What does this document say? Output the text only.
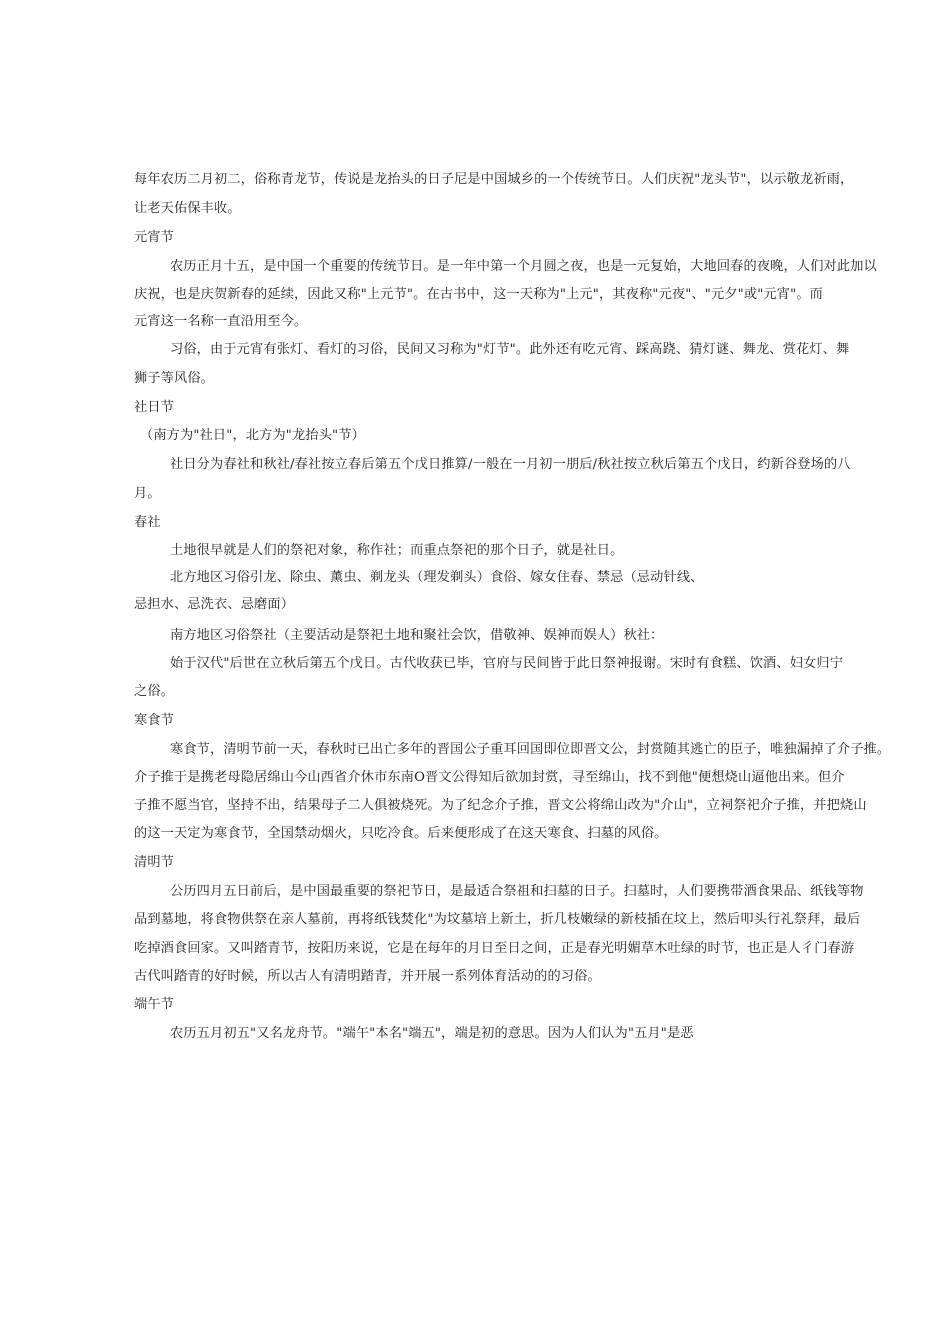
每年农历二月初二，俗称青龙节，传说是龙抬头的日子尼是中国城乡的一个传统节日。人们庆祝"龙头节"，以示敬龙祈雨，
让老天佑保丰收。
元宵节
农历正月十五，是中国一个重要的传统节日。是一年中第一个月圆之夜，也是一元复始，大地回春的夜晚，人们对此加以
庆祝，也是庆贺新春的延续，因此又称"上元节"。在古书中，这一天称为"上元"，其夜称"元夜"、"元夕"或"元宵"。而
元宵这一名称一直沿用至今。
习俗，由于元宵有张灯、看灯的习俗，民间又习称为"灯节"。此外还有吃元宵、踩高跷、猜灯谜、舞龙、赏花灯、舞
狮子等风俗。
社日节
（南方为"社日"，北方为"龙抬头"节）
社日分为春社和秋社/春社按立春后第五个戊日推算/一般在一月初一朋后/秋社按立秋后第五个戊日，约新谷登场的八
月。
春社
土地很早就是人们的祭祀对象，称作社；而重点祭祀的那个日子，就是社日。
北方地区习俗引龙、除虫、薰虫、剃龙头（理发剃头）食俗、嫁女住春、禁忌（忌动针线、
忌担水、忌洗衣、忌磨面）
南方地区习俗祭社（主要活动是祭祀土地和聚社会饮，借敬神、娱神而娱人）秋社：
始于汉代"后世在立秋后第五个戊日。古代收获已毕，官府与民间皆于此日祭神报谢。宋时有食糕、饮酒、妇女归宁
之俗。
寒食节
寒食节，清明节前一天，春秋时已出亡多年的晋国公子重耳回国即位即晋文公，封赏随其逃亡的臣子，唯独漏掉了介子推。
介子推于是携老母隐居绵山今山西省介休市东南O晋文公得知后欲加封赏，寻至绵山，找不到他"便想烧山逼他出来。但介
子推不愿当官，坚持不出，结果母子二人俱被烧死。为了纪念介子推，晋文公将绵山改为"介山"，立祠祭祀介子推，并把烧山
的这一天定为寒食节，全国禁动烟火，只吃冷食。后来便形成了在这天寒食、扫墓的风俗。
清明节
公历四月五日前后，是中国最重要的祭祀节日，是最适合祭祖和扫墓的日子。扫墓时，人们要携带酒食果品、纸钱等物
品到墓地，将食物供祭在亲人墓前，再将纸钱焚化"为坟墓培上新土，折几枝嫩绿的新枝插在坟上，然后叩头行礼祭拜，最后
吃掉酒食回家。又叫踏青节，按阳历来说，它是在每年的月日至日之间，正是春光明媚草木吐绿的时节，也正是人彳门春游
古代叫踏青的好时候，所以古人有清明踏青，并开展一系列体育活动的的习俗。
端午节
农历五月初五"又名龙舟节。"端午"本名"端五"，端是初的意思。因为人们认为"五月"是恶
